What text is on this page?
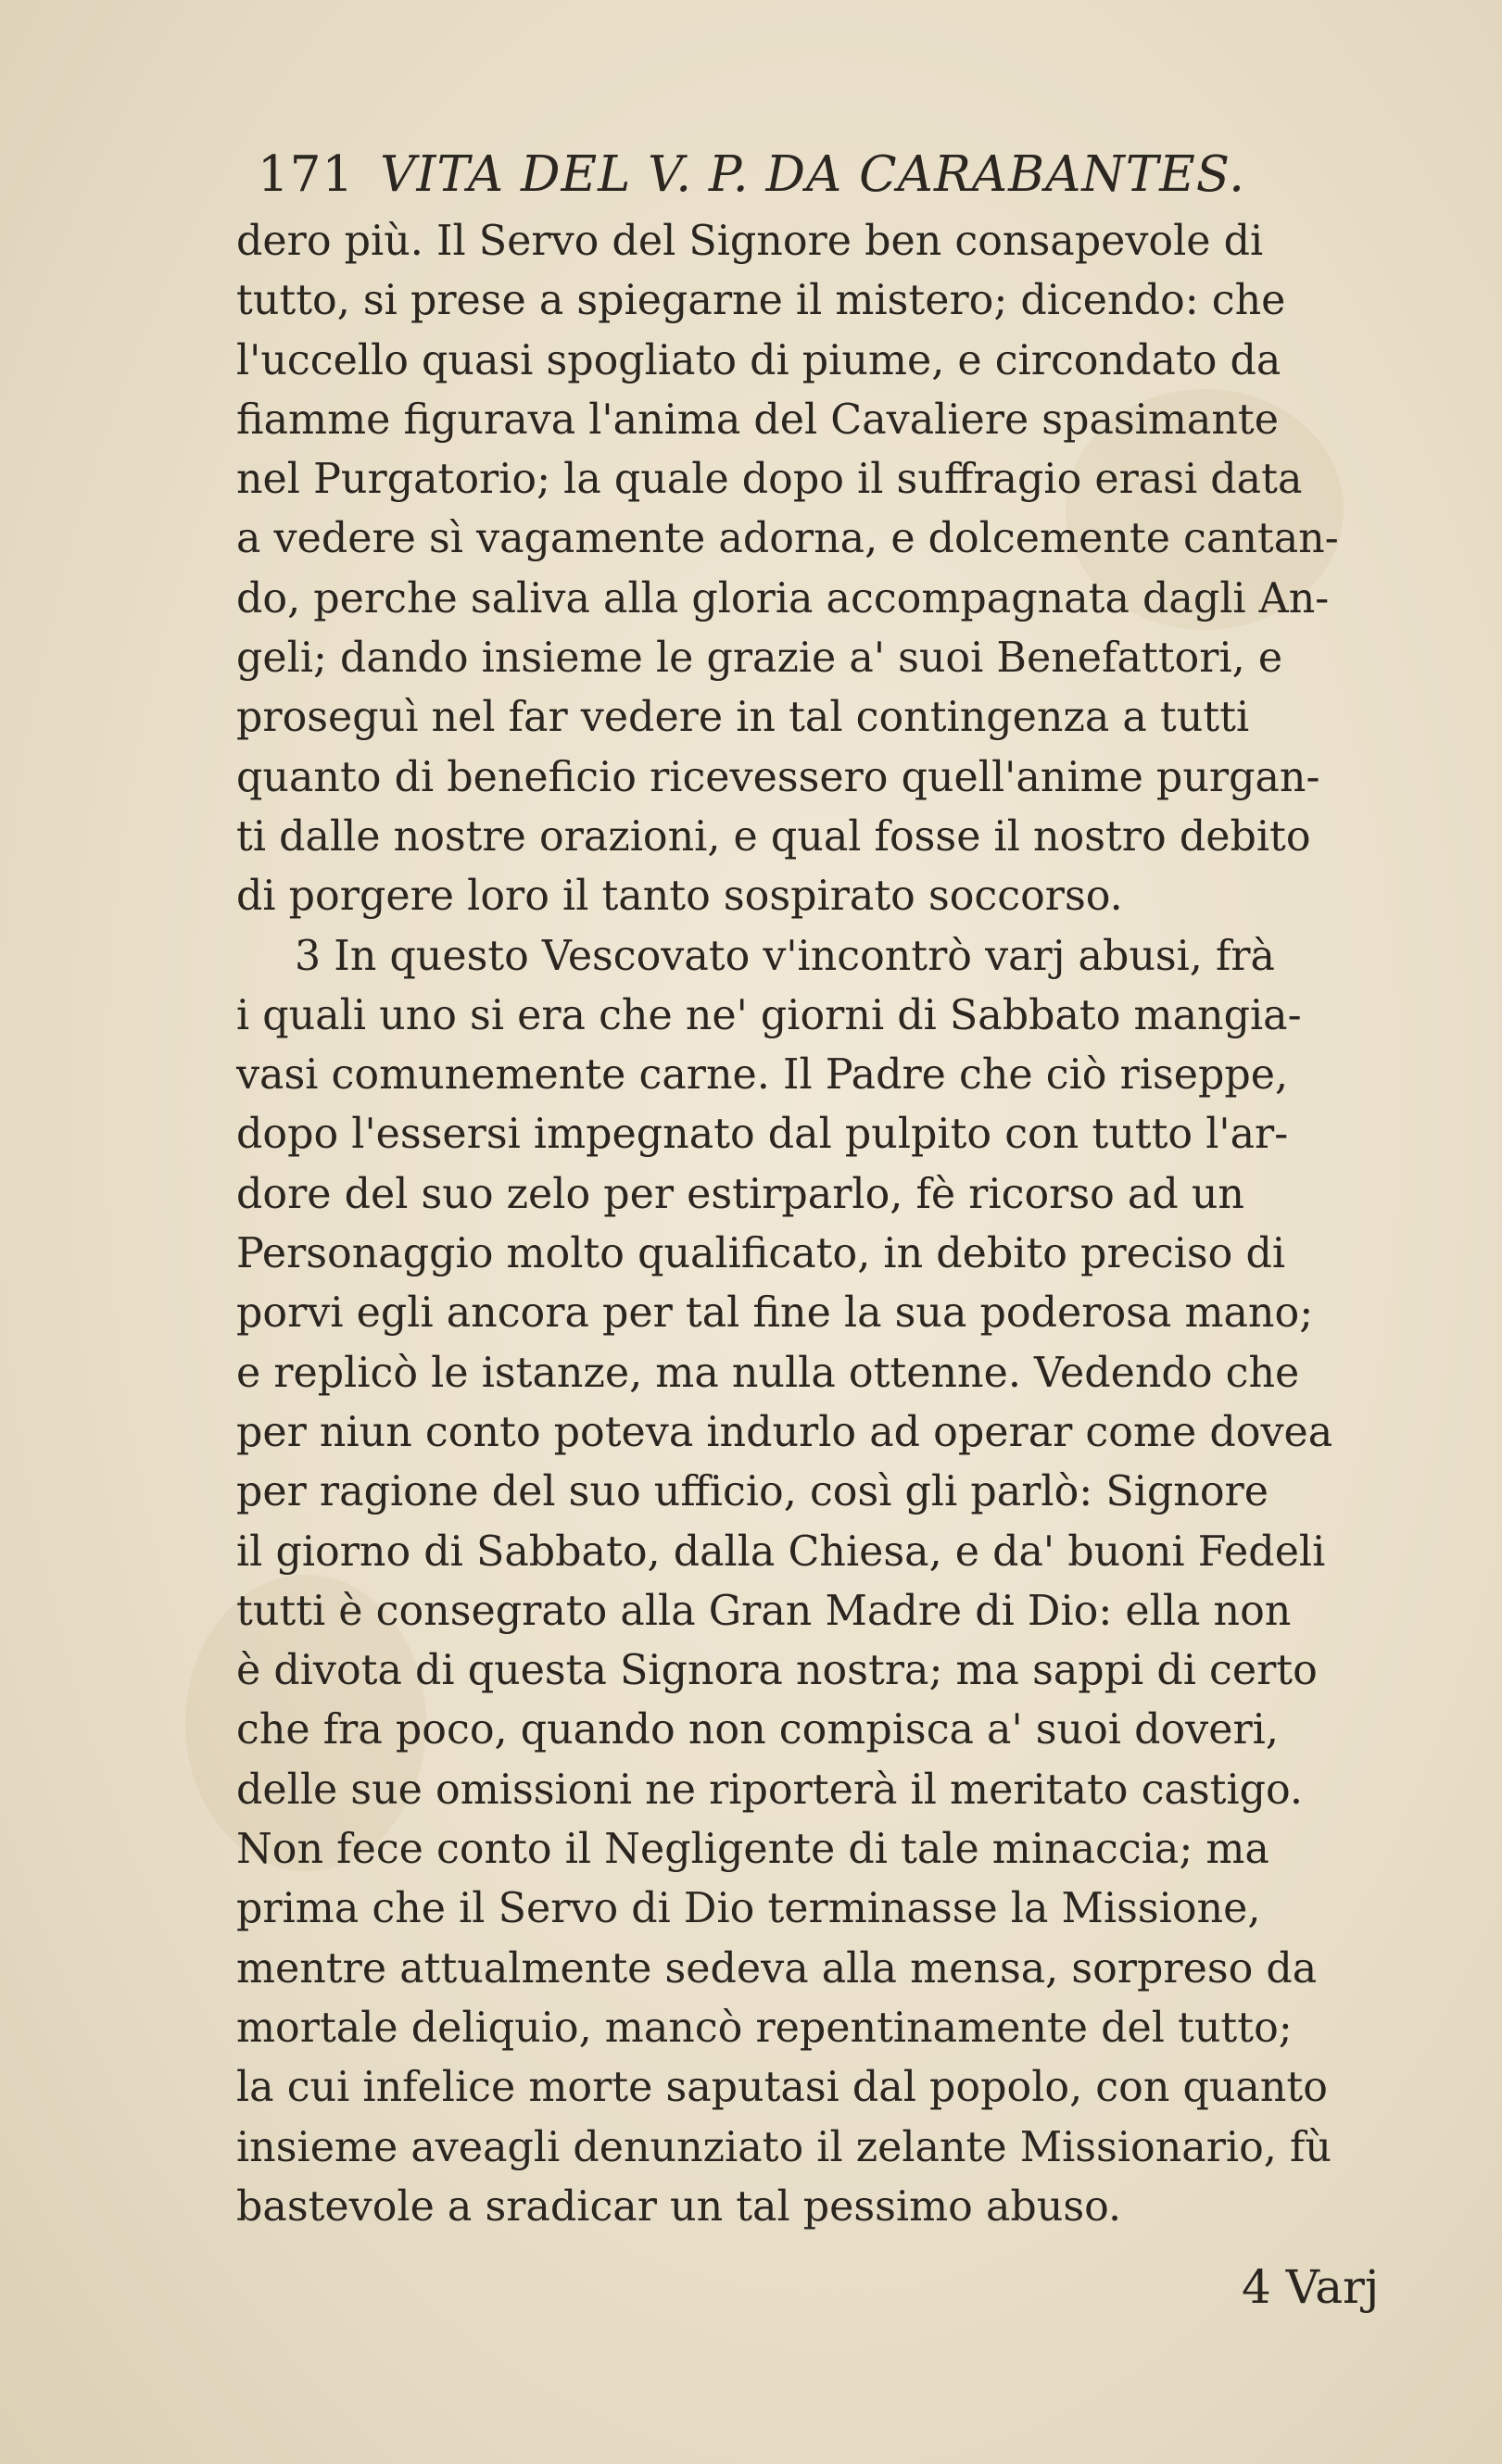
171 VITA DEL V. P. DA CARABANTES.
dero più. Il Servo del Signore ben consapevole di
tutto, si prese a spiegarne il mistero; dicendo: che
l'uccello quasi spogliato di piume, e circondato da
fiamme figurava l'anima del Cavaliere spasimante
nel Purgatorio; la quale dopo il suffragio erasi data
a vedere sì vagamente adorna, e dolcemente cantan-
do, perche saliva alla gloria accompagnata dagli An-
geli; dando insieme le grazie a' suoi Benefattori, e
proseguì nel far vedere in tal contingenza a tutti
quanto di beneficio ricevessero quell'anime purgan-
ti dalle nostre orazioni, e qual fosse il nostro debito
di porgere loro il tanto sospirato soccorso.
3 In questo Vescovato v'incontrò varj abusi, frà
i quali uno si era che ne' giorni di Sabbato mangia-
vasi comunemente carne. Il Padre che ciò riseppe,
dopo l'essersi impegnato dal pulpito con tutto l'ar-
dore del suo zelo per estirparlo, fè ricorso ad un
Personaggio molto qualificato, in debito preciso di
porvi egli ancora per tal fine la sua poderosa mano;
e replicò le istanze, ma nulla ottenne. Vedendo che
per niun conto poteva indurlo ad operar come dovea
per ragione del suo ufficio, così gli parlò: Signore
il giorno di Sabbato, dalla Chiesa, e da' buoni Fedeli
tutti è consegrato alla Gran Madre di Dio: ella non
è divota di questa Signora nostra; ma sappi di certo
che fra poco, quando non compisca a' suoi doveri,
delle sue omissioni ne riporterà il meritato castigo.
Non fece conto il Negligente di tale minaccia; ma
prima che il Servo di Dio terminasse la Missione,
mentre attualmente sedeva alla mensa, sorpreso da
mortale deliquio, mancò repentinamente del tutto;
la cui infelice morte saputasi dal popolo, con quanto
insieme aveagli denunziato il zelante Missionario, fù
bastevole a sradicar un tal pessimo abuso.
4 Varj
